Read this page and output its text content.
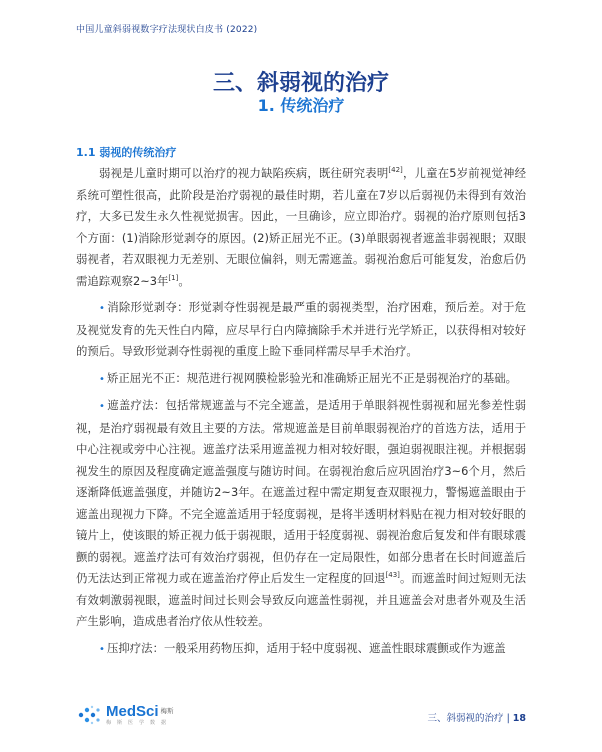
中国儿童斜弱视数字疗法现状白皮书 (2022)
三、斜弱视的治疗
1. 传统治疗
1.1 弱视的传统治疗

弱视是儿童时期可以治疗的视力缺陷疾病，既往研究表明[42]，儿童在5岁前视觉神经系统可塑性很高，此阶段是治疗弱视的最佳时期，若儿童在7岁以后弱视仍未得到有效治疗，大多已发生永久性视觉损害。因此，一旦确诊，应立即治疗。弱视的治疗原则包括3个方面：(1)消除形觉剥夺的原因。(2)矫正屈光不正。(3)单眼弱视者遮盖非弱视眼；双眼弱视者，若双眼视力无差别、无眼位偏斜，则无需遮盖。弱视治愈后可能复发，治愈后仍需追踪观察2~3年[1]。

• 消除形觉剥夺：形觉剥夺性弱视是最严重的弱视类型，治疗困难，预后差。对于危及视觉发育的先天性白内障，应尽早行白内障摘除手术并进行光学矫正，以获得相对较好的预后。导致形觉剥夺性弱视的重度上睑下垂同样需尽早手术治疗。

• 矫正屈光不正：规范进行视网膜检影验光和准确矫正屈光不正是弱视治疗的基础。

• 遮盖疗法：包括常规遮盖与不完全遮盖，是适用于单眼斜视性弱视和屈光参差性弱视，是治疗弱视最有效且主要的方法。常规遮盖是目前单眼弱视治疗的首选方法，适用于中心注视或旁中心注视。遮盖疗法采用遮盖视力相对较好眼，强迫弱视眼注视。并根据弱视发生的原因及程度确定遮盖强度与随访时间。在弱视治愈后应巩固治疗3~6个月，然后逐渐降低遮盖强度，并随访2~3年。在遮盖过程中需定期复查双眼视力，警惕遮盖眼由于遮盖出现视力下降。不完全遮盖适用于轻度弱视，是将半透明材料贴在视力相对较好眼的镜片上，使该眼的矫正视力低于弱视眼，适用于轻度弱视、弱视治愈后复发和伴有眼球震颤的弱视。遮盖疗法可有效治疗弱视，但仍存在一定局限性，如部分患者在长时间遮盖后仍无法达到正常视力或在遮盖治疗停止后发生一定程度的回退[43]。而遮盖时间过短则无法有效刺激弱视眼，遮盖时间过长则会导致反向遮盖性弱视，并且遮盖会对患者外观及生活产生影响，造成患者治疗依从性较差。

• 压抑疗法：一般采用药物压抑，适用于轻中度弱视、遮盖性眼球震颤或作为遮盖

MedSci $^{梅斯}$
梅 斯 医 学 数 据	三、斜弱视的治疗 | 18
